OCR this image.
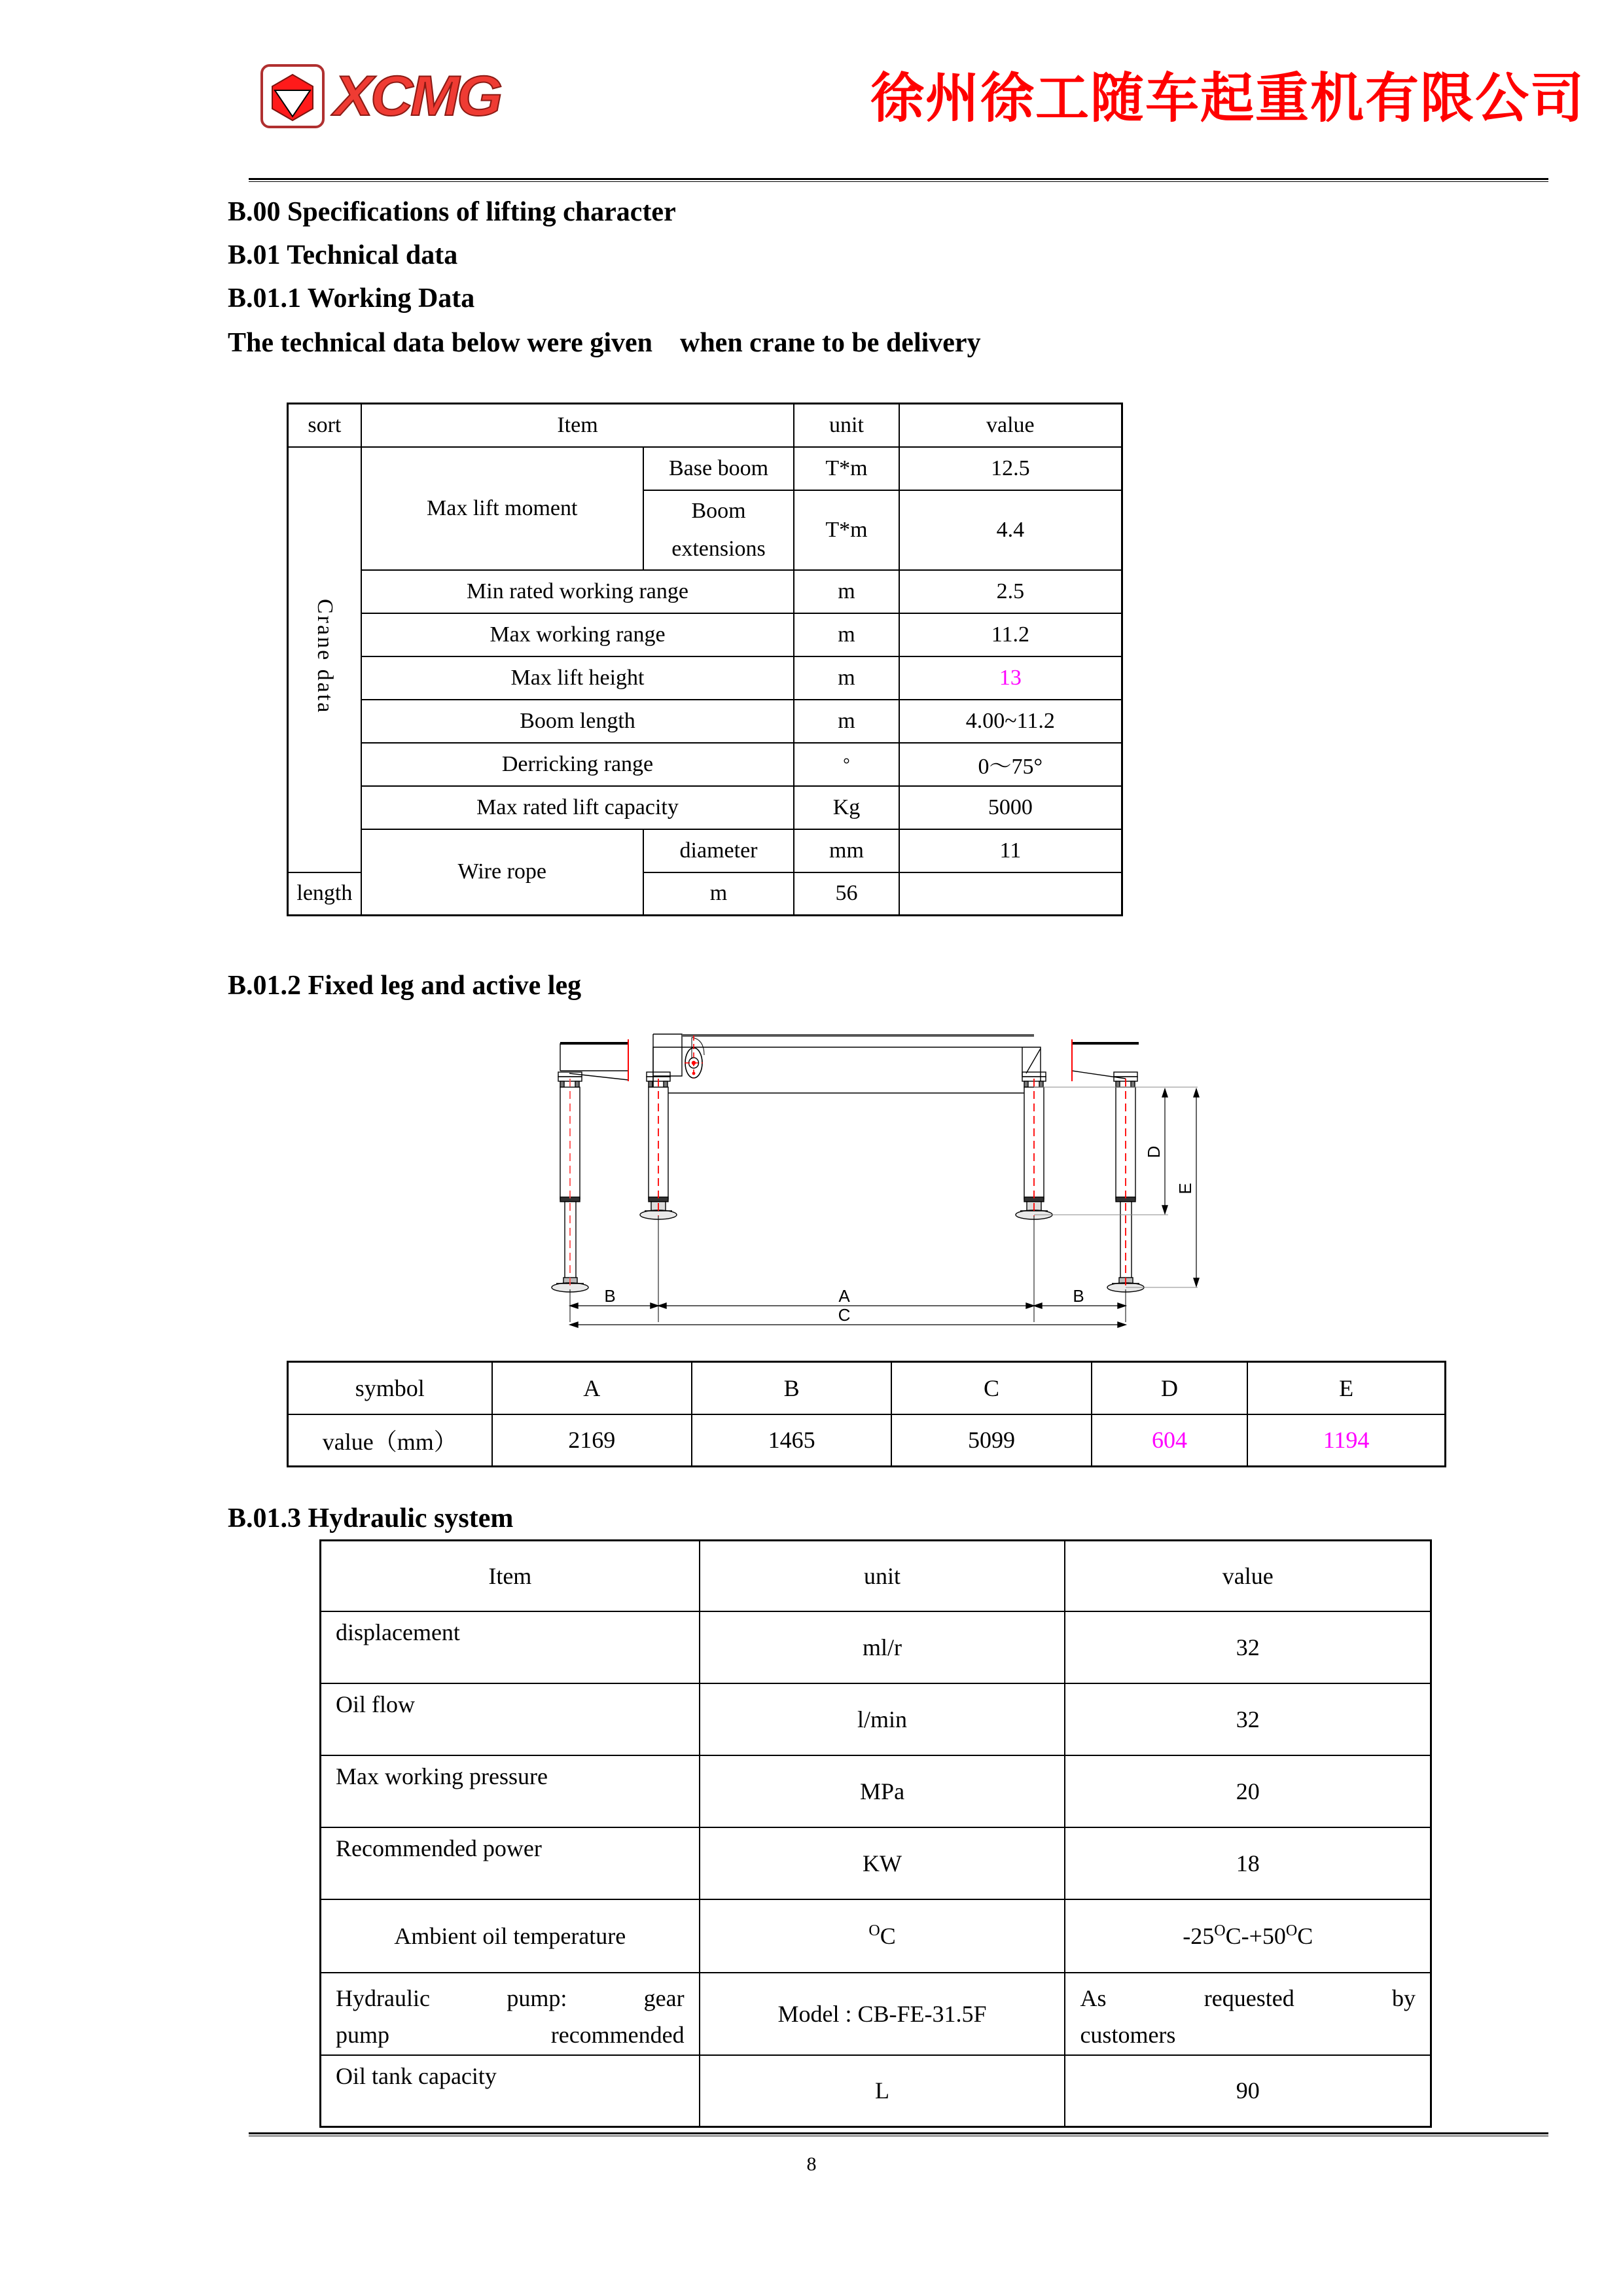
XCMG	徐州徐工随车起重机有限公司
B.00 Specifications of lifting character
B.01 Technical data
B.01.1 Working Data
The technical data below were given    when crane to be delivery
sort	Item		unit	value
Crane data	Max lift moment	Base boom	T*m	12.5

		Boom extensions	T*m	4.4

	Min rated working range		m	2.5
	Max working range		m	11.2
	Max lift height		m	13
	Boom length		m	4.00~11.2
	Derricking range		°	0～75°
	Max rated lift capacity		Kg	5000
	Wire rope	diameter	mm	11
length		m	56	
B.01.2 Fixed leg and active leg
B	A	B
C
D
E
symbol	A	B	C	D	E
value（mm）	2169	1465	5099	604	1194
B.01.3 Hydraulic system
Item	unit	value
displacement	ml/r	32
Oil flow	l/min	32
Max working pressure	MPa	20
Recommended power	KW	18
Ambient oil temperature	$^O$C	$-25^OC-+50^OC$
Hydraulic pump: gear
pump recommended	Model : CB-FE-31.5F	As requested by
customers

Oil tank capacity	L	90
8
